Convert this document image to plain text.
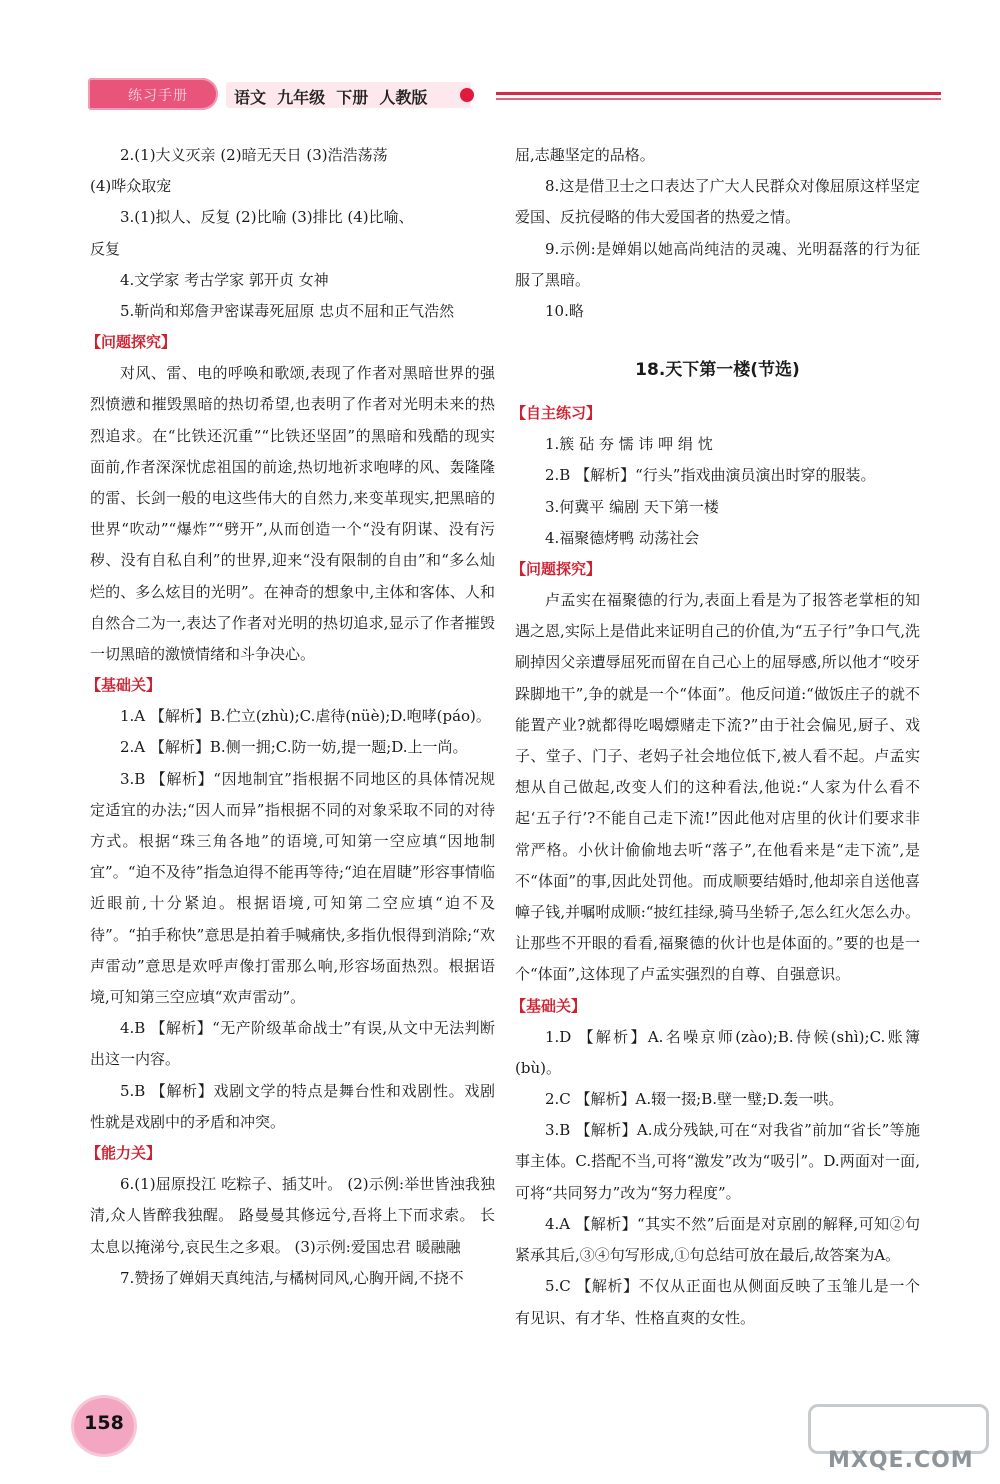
练习手册	语文  九年级  下册  人教版

2.(1)大义灭亲 (2)暗无天日 (3)浩浩荡荡

(4)哗众取宠

3.(1)拟人、反复 (2)比喻 (3)排比 (4)比喻、

反复

4.文学家 考古学家 郭开贞 女神

5.靳尚和郑詹尹密谋毒死屈原 忠贞不屈和正气浩然

【问题探究】

对风、雷、电的呼唤和歌颂,表现了作者对黑暗世界的强烈愤懑和摧毁黑暗的热切希望,也表明了作者对光明未来的热烈追求。在“比铁还沉重”“比铁还坚固”的黑暗和残酷的现实面前,作者深深忧虑祖国的前途,热切地祈求咆哮的风、轰隆隆的雷、长剑一般的电这些伟大的自然力,来变革现实,把黑暗的世界“吹动”“爆炸”“劈开”,从而创造一个“没有阴谋、没有污秽、没有自私自利”的世界,迎来“没有限制的自由”和“多么灿烂的、多么炫目的光明”。在神奇的想象中,主体和客体、人和自然合二为一,表达了作者对光明的热切追求,显示了作者摧毁一切黑暗的激愤情绪和斗争决心。

【基础关】

1.A 【解析】B.伫立(zhù);C.虐待(nüè);D.咆哮(páo)。

2.A 【解析】B.侧一拥;C.防一妨,提一题;D.上一尚。

3.B 【解析】“因地制宜”指根据不同地区的具体情况规定适宜的办法;“因人而异”指根据不同的对象采取不同的对待方式。根据“珠三角各地”的语境,可知第一空应填“因地制宜”。“迫不及待”指急迫得不能再等待;“迫在眉睫”形容事情临近眼前,十分紧迫。根据语境,可知第二空应填“迫不及待”。“拍手称快”意思是拍着手喊痛快,多指仇恨得到消除;“欢声雷动”意思是欢呼声像打雷那么响,形容场面热烈。根据语境,可知第三空应填“欢声雷动”。

4.B 【解析】“无产阶级革命战士”有误,从文中无法判断出这一内容。

5.B 【解析】戏剧文学的特点是舞台性和戏剧性。戏剧性就是戏剧中的矛盾和冲突。

【能力关】

6.(1)屈原投江 吃粽子、插艾叶。 (2)示例:举世皆浊我独清,众人皆醉我独醒。 路曼曼其修远兮,吾将上下而求索。 长太息以掩涕兮,哀民生之多艰。 (3)示例:爱国忠君 暖融融

7.赞扬了婵娟天真纯洁,与橘树同风,心胸开阔,不挠不

屈,志趣坚定的品格。

8.这是借卫士之口表达了广大人民群众对像屈原这样坚定爱国、反抗侵略的伟大爱国者的热爱之情。

9.示例:是婵娟以她高尚纯洁的灵魂、光明磊落的行为征服了黑暗。

10.略

18.天下第一楼(节选)
【自主练习】

1.簇 砧 夯 懦 讳 呷 绢 忱

2.B 【解析】“行头”指戏曲演员演出时穿的服装。

3.何冀平 编剧 天下第一楼

4.福聚德烤鸭 动荡社会

【问题探究】

卢孟实在福聚德的行为,表面上看是为了报答老掌柜的知遇之恩,实际上是借此来证明自己的价值,为“五子行”争口气,洗刷掉因父亲遭辱屈死而留在自己心上的屈辱感,所以他才“咬牙跺脚地干”,争的就是一个“体面”。他反问道:“做饭庄子的就不能置产业?就都得吃喝嫖赌走下流?”由于社会偏见,厨子、戏子、堂子、门子、老妈子社会地位低下,被人看不起。卢孟实想从自己做起,改变人们的这种看法,他说:“人家为什么看不起‘五子行’?不能自己走下流!”因此他对店里的伙计们要求非常严格。小伙计偷偷地去听“落子”,在他看来是“走下流”,是不“体面”的事,因此处罚他。而成顺要结婚时,他却亲自送他喜幛子钱,并嘱咐成顺:“披红挂绿,骑马坐轿子,怎么红火怎么办。让那些不开眼的看看,福聚德的伙计也是体面的。”要的也是一个“体面”,这体现了卢孟实强烈的自尊、自强意识。

【基础关】

1.D 【解析】A.名噪京师(zào);B.侍候(shì);C.账簿(bù)。

2.C 【解析】A.辍一掇;B.壁一璧;D.轰一哄。

3.B 【解析】A.成分残缺,可在“对我省”前加“省长”等施事主体。C.搭配不当,可将“激发”改为“吸引”。D.两面对一面,可将“共同努力”改为“努力程度”。

4.A 【解析】“其实不然”后面是对京剧的解释,可知②句紧承其后,③④句写形成,①句总结可放在最后,故答案为A。

5.C 【解析】不仅从正面也从侧面反映了玉雏儿是一个有见识、有才华、性格直爽的女性。

158
MXQE.COM
